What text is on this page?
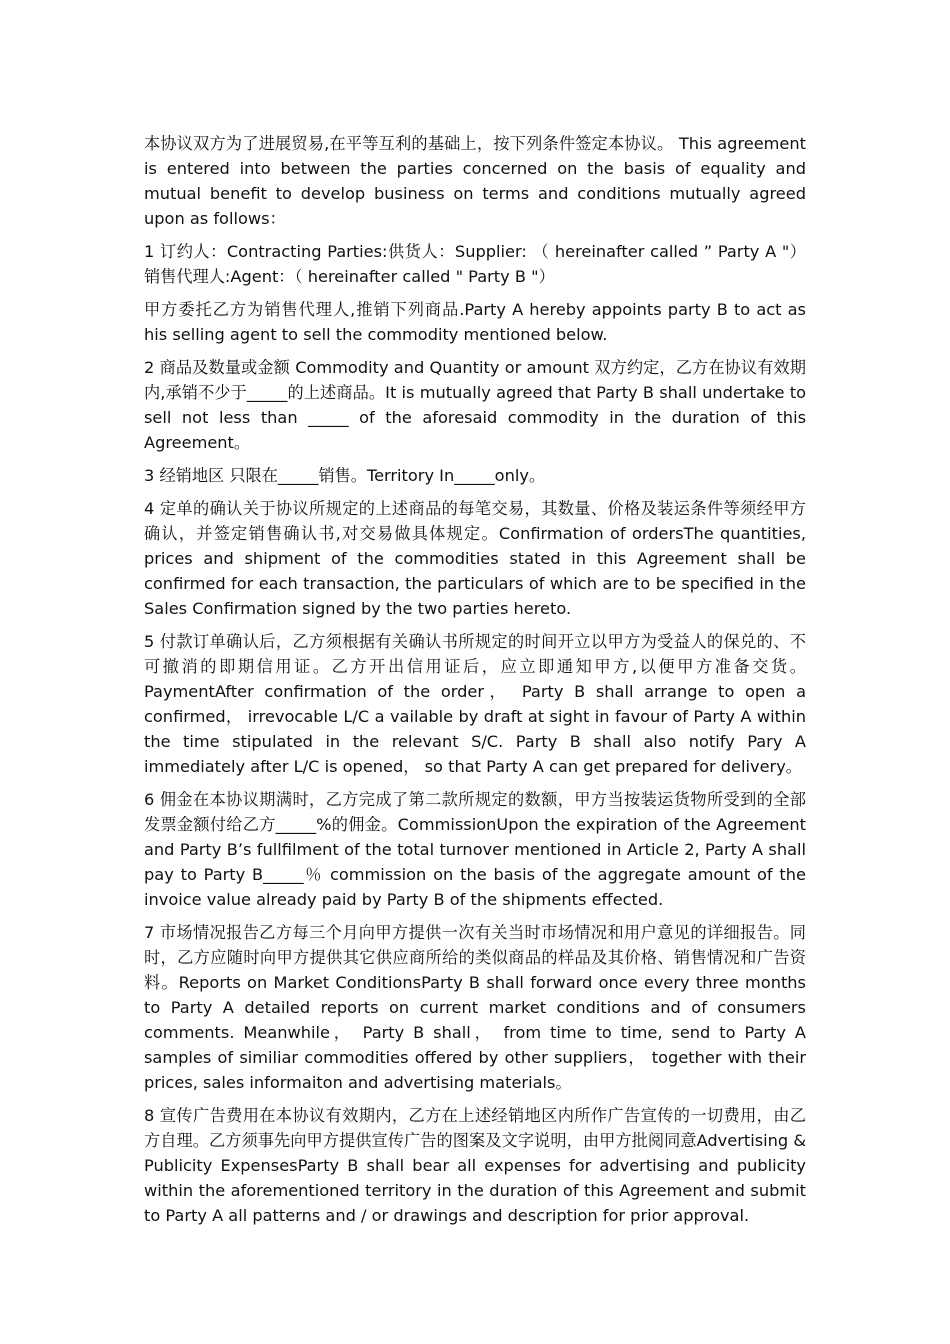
本协议双方为了进展贸易,在平等互利的基础上，按下列条件签定本协议。 This agreement is entered into between the parties concerned on the basis of equality and mutual benefit to develop business on terms and conditions mutually agreed upon as follows：

1 订约人：Contracting Parties:供货人：Supplier: （ hereinafter called ” Party A "）销售代理人:Agent：（ hereinafter called " Party B "）

甲方委托乙方为销售代理人,推销下列商品.Party A hereby appoints party B to act as his selling agent to sell the commodity mentioned below.

2 商品及数量或金额 Commodity and Quantity or amount 双方约定，乙方在协议有效期内,承销不少于_____的上述商品。It is mutually agreed that Party B shall undertake to sell not less than _____ of the aforesaid commodity in the duration of this Agreement。

3 经销地区 只限在_____销售。Territory In_____only。

4 定单的确认关于协议所规定的上述商品的每笔交易，其数量、价格及装运条件等须经甲方确认，并签定销售确认书,对交易做具体规定。Confirmation of ordersThe quantities, prices and shipment of the commodities stated in this Agreement shall be confirmed for each transaction, the particulars of which are to be specified in the Sales Confirmation signed by the two parties hereto.

5 付款订单确认后，乙方须根据有关确认书所规定的时间开立以甲方为受益人的保兑的、不可撤消的即期信用证。乙方开出信用证后，应立即通知甲方,以便甲方准备交货。PaymentAfter confirmation of the order， Party B shall arrange to open a confirmed， irrevocable L/C a vailable by draft at sight in favour of Party A within the time stipulated in the relevant S/C. Party B shall also notify Pary A immediately after L/C is opened， so that Party A can get prepared for delivery。

6 佣金在本协议期满时，乙方完成了第二款所规定的数额，甲方当按装运货物所受到的全部发票金额付给乙方_____%的佣金。CommissionUpon the expiration of the Agreement and Party B’s fullfilment of the total turnover mentioned in Article 2, Party A shall pay to Party B_____％ commission on the basis of the aggregate amount of the invoice value already paid by Party B of the shipments effected.

7 市场情况报告乙方每三个月向甲方提供一次有关当时市场情况和用户意见的详细报告。同时，乙方应随时向甲方提供其它供应商所给的类似商品的样品及其价格、销售情况和广告资料。Reports on Market ConditionsParty B shall forward once every three months to Party A detailed reports on current market conditions and of consumers comments. Meanwhile， Party B shall， from time to time, send to Party A samples of similiar commodities offered by other suppliers， together with their prices, sales informaiton and advertising materials。

8 宣传广告费用在本协议有效期内，乙方在上述经销地区内所作广告宣传的一切费用，由乙方自理。乙方须事先向甲方提供宣传广告的图案及文字说明，由甲方批阅同意Advertising & Publicity ExpensesParty B shall bear all expenses for advertising and publicity within the aforementioned territory in the duration of this Agreement and submit to Party A all patterns and / or drawings and description for prior approval.
